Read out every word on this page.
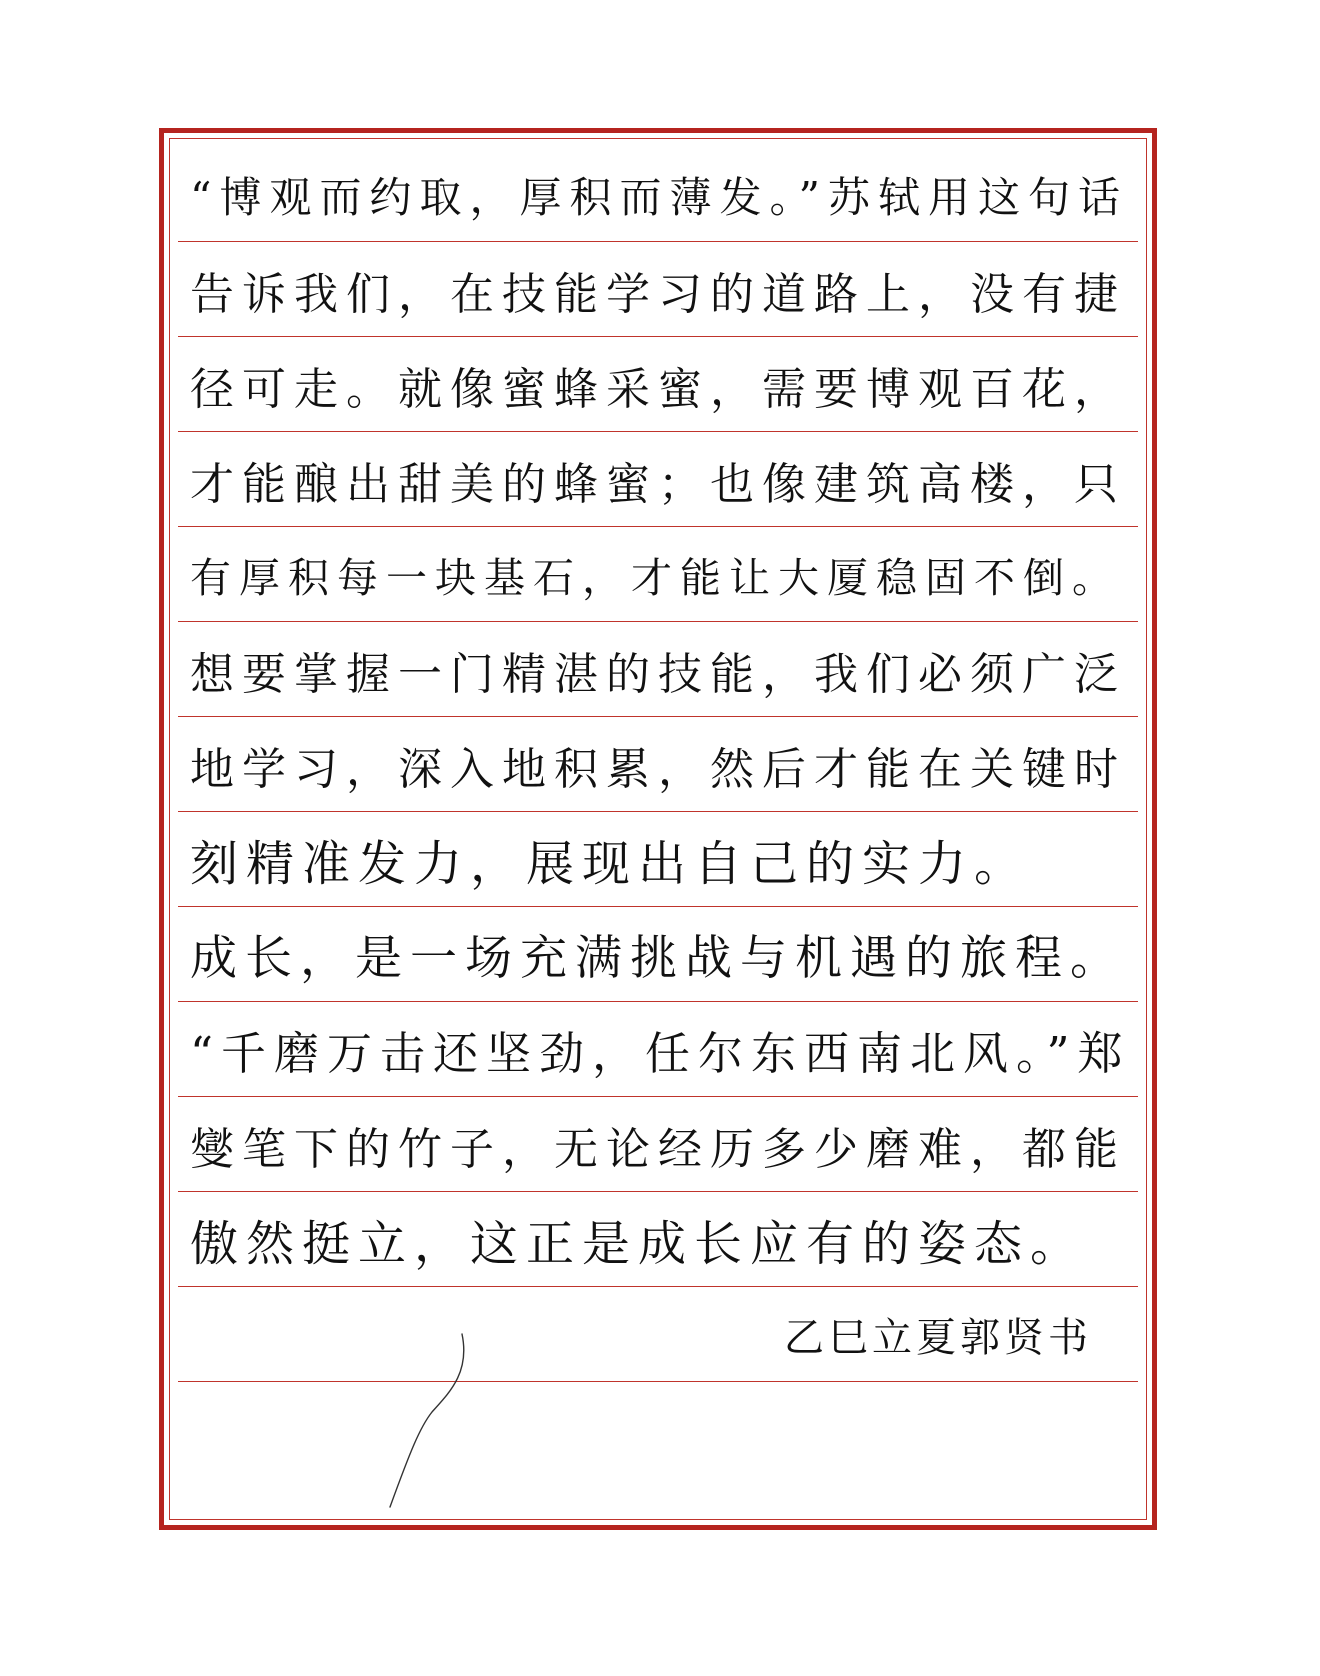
“博观而约取，厚积而薄发。”苏轼用这句话
告诉我们，在技能学习的道路上，没有捷
径可走。就像蜜蜂采蜜，需要博观百花，
才能酿出甜美的蜂蜜；也像建筑高楼，只
有厚积每一块基石，才能让大厦稳固不倒。
想要掌握一门精湛的技能，我们必须广泛
地学习，深入地积累，然后才能在关键时
刻精准发力，展现出自己的实力。
成长，是一场充满挑战与机遇的旅程。
“千磨万击还坚劲，任尔东西南北风。”郑
燮笔下的竹子，无论经历多少磨难，都能
傲然挺立，这正是成长应有的姿态。
乙巳立夏郭贤书
